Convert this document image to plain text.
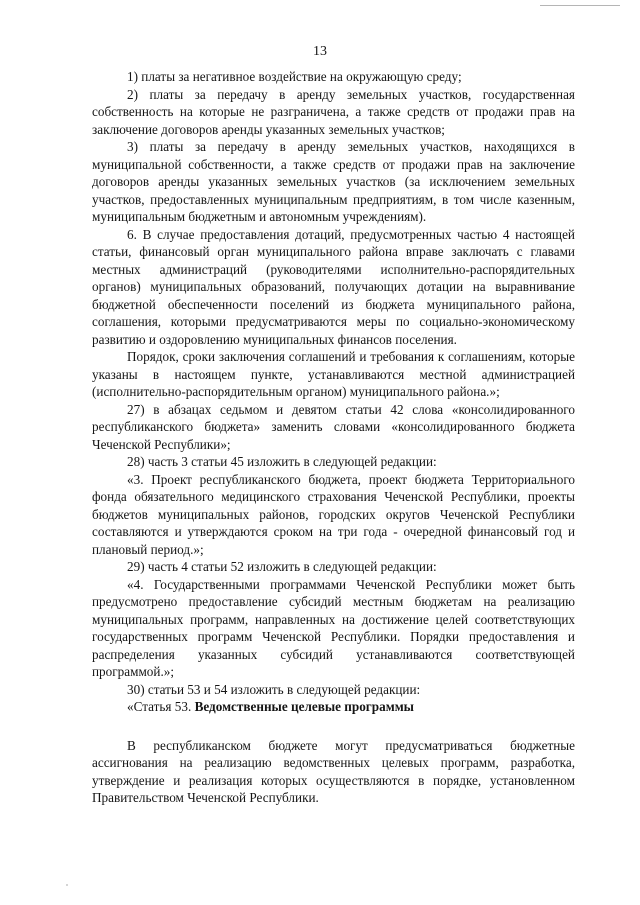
13

1) платы за негативное воздействие на окружающую среду;

2) платы за передачу в аренду земельных участков, государственная собственность на которые не разграничена, а также средств от продажи прав на заключение договоров аренды указанных земельных участков;

3) платы за передачу в аренду земельных участков, находящихся в муниципальной собственности, а также средств от продажи прав на заключение договоров аренды указанных земельных участков (за исключением земельных участков, предоставленных муниципальным предприятиям, в том числе казенным, муниципальным бюджетным и автономным учреждениям).

6. В случае предоставления дотаций, предусмотренных частью 4 настоящей статьи, финансовый орган муниципального района вправе заключать с главами местных администраций (руководителями исполнительно-распорядительных органов) муниципальных образований, получающих дотации на выравнивание бюджетной обеспеченности поселений из бюджета муниципального района, соглашения, которыми предусматриваются меры по социально-экономическому развитию и оздоровлению муниципальных финансов поселения.

Порядок, сроки заключения соглашений и требования к соглашениям, которые указаны в настоящем пункте, устанавливаются местной администрацией (исполнительно-распорядительным органом) муниципального района.»;

27) в абзацах седьмом и девятом статьи 42 слова «консолидированного республиканского бюджета» заменить словами «консолидированного бюджета Чеченской Республики»;

28) часть 3 статьи 45 изложить в следующей редакции:

«3. Проект республиканского бюджета, проект бюджета Территориального фонда обязательного медицинского страхования Чеченской Республики, проекты бюджетов муниципальных районов, городских округов Чеченской Республики составляются и утверждаются сроком на три года - очередной финансовый год и плановый период.»;

29) часть 4 статьи 52 изложить в следующей редакции:

«4. Государственными программами Чеченской Республики может быть предусмотрено предоставление субсидий местным бюджетам на реализацию муниципальных программ, направленных на достижение целей соответствующих государственных программ Чеченской Республики. Порядки предоставления и распределения указанных субсидий устанавливаются соответствующей программой.»;

30) статьи 53 и 54 изложить в следующей редакции:

«Статья 53. Ведомственные целевые программы

В республиканском бюджете могут предусматриваться бюджетные ассигнования на реализацию ведомственных целевых программ, разработка, утверждение и реализация которых осуществляются в порядке, установленном Правительством Чеченской Республики.
